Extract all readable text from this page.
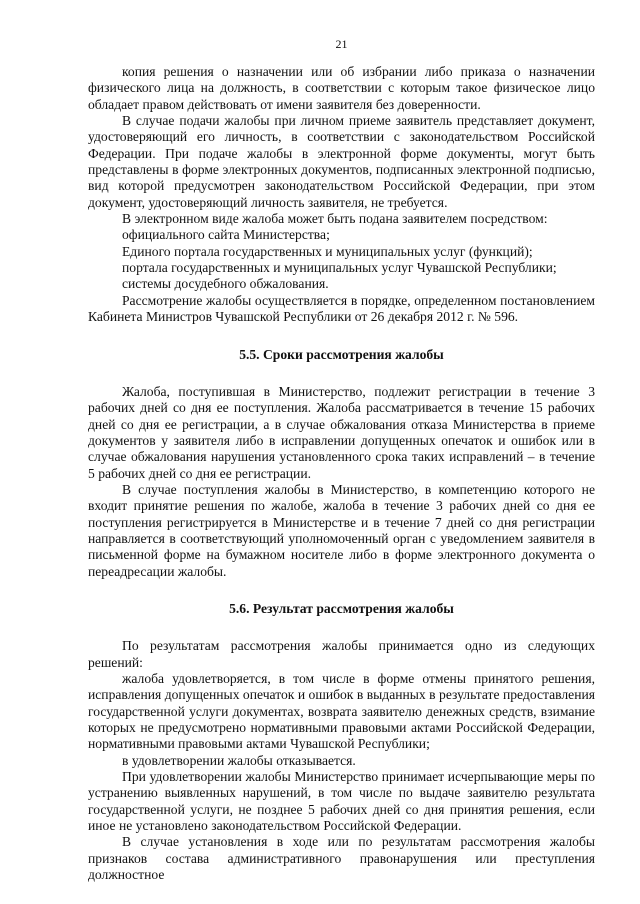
21

копия решения о назначении или об избрании либо приказа о назначении физического лица на должность, в соответствии с которым такое физическое лицо обладает правом действовать от имени заявителя без доверенности.

В случае подачи жалобы при личном приеме заявитель представляет документ, удостоверяющий его личность, в соответствии с законодательством Российской Федерации. При подаче жалобы в электронной форме документы, могут быть представлены в форме электронных документов, подписанных электронной подписью, вид которой предусмотрен законодательством Российской Федерации, при этом документ, удостоверяющий личность заявителя, не требуется.

В электронном виде жалоба может быть подана заявителем посредством:

официального сайта Министерства;

Единого портала государственных и муниципальных услуг (функций);

портала государственных и муниципальных услуг Чувашской Республики;

системы досудебного обжалования.

Рассмотрение жалобы осуществляется в порядке, определенном постановлением Кабинета Министров Чувашской Республики от 26 декабря 2012 г. № 596.

5.5. Сроки рассмотрения жалобы

Жалоба, поступившая в Министерство, подлежит регистрации в течение 3 рабочих дней со дня ее поступления. Жалоба рассматривается в течение 15 рабочих дней со дня ее регистрации, а в случае обжалования отказа Министерства в приеме документов у заявителя либо в исправлении допущенных опечаток и ошибок или в случае обжалования нарушения установленного срока таких исправлений – в течение 5 рабочих дней со дня ее регистрации.

В случае поступления жалобы в Министерство, в компетенцию которого не входит принятие решения по жалобе, жалоба в течение 3 рабочих дней со дня ее поступления регистрируется в Министерстве и в течение 7 дней со дня регистрации направляется в соответствующий уполномоченный орган с уведомлением заявителя в письменной форме на бумажном носителе либо в форме электронного документа о переадресации жалобы.

5.6. Результат рассмотрения жалобы

По результатам рассмотрения жалобы принимается одно из следующих решений:

жалоба удовлетворяется, в том числе в форме отмены принятого решения, исправления допущенных опечаток и ошибок в выданных в результате предоставления государственной услуги документах, возврата заявителю денежных средств, взимание которых не предусмотрено нормативными правовыми актами Российской Федерации, нормативными правовыми актами Чувашской Республики;

в удовлетворении жалобы отказывается.

При удовлетворении жалобы Министерство принимает исчерпывающие меры по устранению выявленных нарушений, в том числе по выдаче заявителю результата государственной услуги, не позднее 5 рабочих дней со дня принятия решения, если иное не установлено законодательством Российской Федерации.

В случае установления в ходе или по результатам рассмотрения жалобы признаков состава административного правонарушения или преступления должностное
